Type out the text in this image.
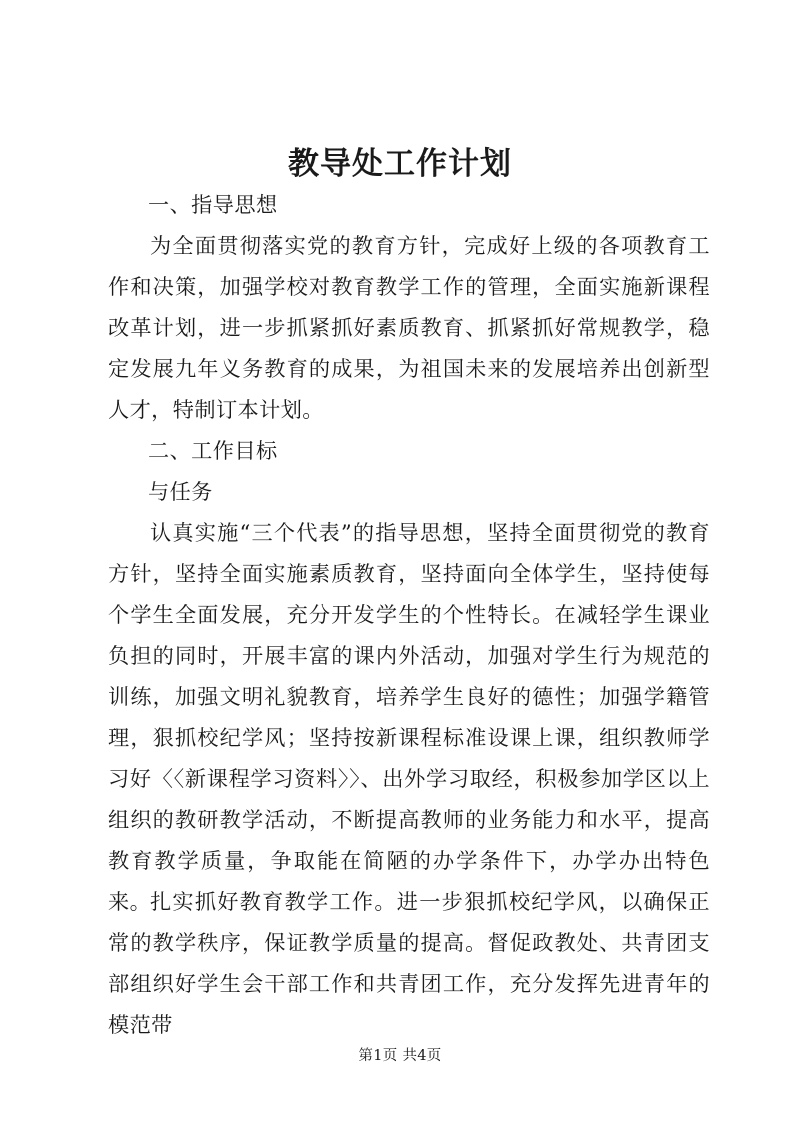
教导处工作计划
一、指导思想

为全面贯彻落实党的教育方针，完成好上级的各项教育工作和决策，加强学校对教育教学工作的管理，全面实施新课程改革计划，进一步抓紧抓好素质教育、抓紧抓好常规教学，稳定发展九年义务教育的成果，为祖国未来的发展培养出创新型人才，特制订本计划。

二、工作目标
与任务

认真实施“三个代表”的指导思想，坚持全面贯彻党的教育方针，坚持全面实施素质教育，坚持面向全体学生，坚持使每个学生全面发展，充分开发学生的个性特长。在减轻学生课业负担的同时，开展丰富的课内外活动，加强对学生行为规范的训练，加强文明礼貌教育，培养学生良好的德性；加强学籍管理，狠抓校纪学风；坚持按新课程标准设课上课，组织教师学习好〈〈新课程学习资料〉〉、出外学习取经，积极参加学区以上组织的教研教学活动，不断提高教师的业务能力和水平，提高教育教学质量，争取能在简陋的办学条件下，办学办出特色来。

扎实抓好教育教学工作。进一步狠抓校纪学风，以确保正常的教学秩序，保证教学质量的提高。督促政教处、共青团支部组织好学生会干部工作和共青团工作，充分发挥先进青年的模范带

第1页 共4页
